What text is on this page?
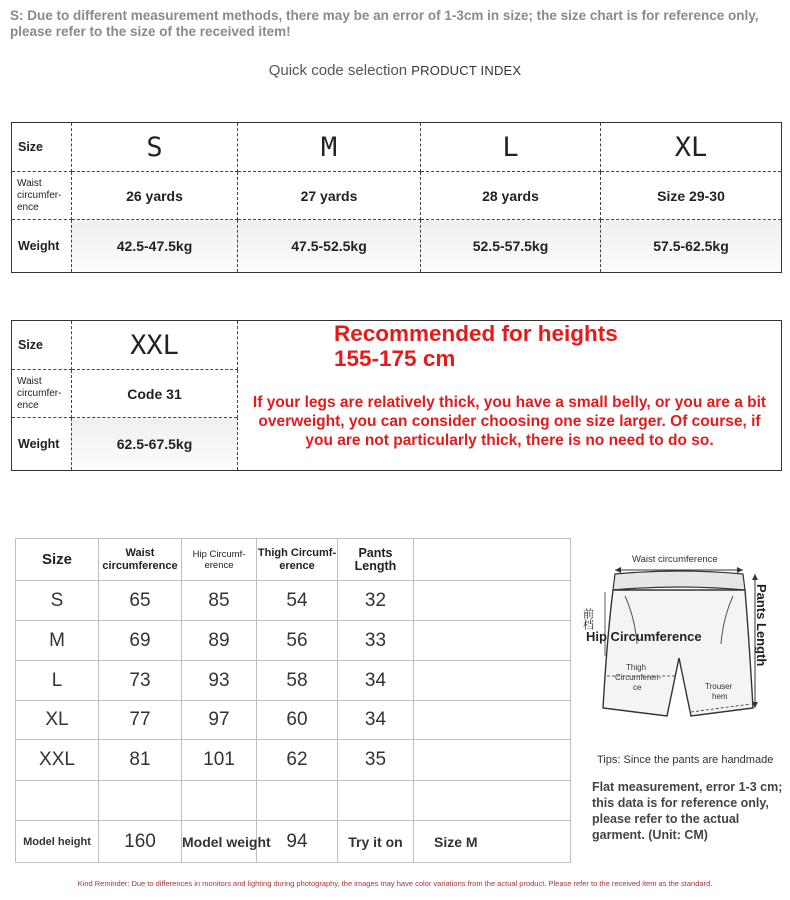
S: Due to different measurement methods, there may be an error of 1-3cm in size; the size chart is for reference only, please refer to the size of the received item!
Quick code selection PRODUCT INDEX
Size	S	M	L	XL
Waist circumfer-ence	26 yards	27 yards	28 yards	Size 29-30
Weight	42.5-47.5kg	47.5-52.5kg	52.5-57.5kg	57.5-62.5kg
Size	XXL	Recommended for heights
155-175 cm
If your legs are relatively thick, you have a small belly, or you are a bit overweight, you can consider choosing one size larger. Of course, if you are not particularly thick, there is no need to do so.

Waist circumfer-ence	Code 31	
Weight	62.5-67.5kg	
Size	Waist circumference	Hip Circumf-erence	Thigh Circumf-erence	Pants Length	
S	65	85	54	32	
M	69	89	56	33	
L	73	93	58	34	
XL	77	97	60	34	
XXL	81	101	62	35	

Model height	160	Model weight	94	Try it on	Size M
Waist circumference
前档
Hip Circumference
Thigh
Circumferen-
ce	Trouser
hem
Pants Length
Tips: Since the pants are handmade
Flat measurement, error 1-3 cm; this data is for reference only, please refer to the actual garment. (Unit: CM)
Kind Reminder: Due to differences in monitors and lighting during photography, the images may have color variations from the actual product. Please refer to the received item as the standard.
